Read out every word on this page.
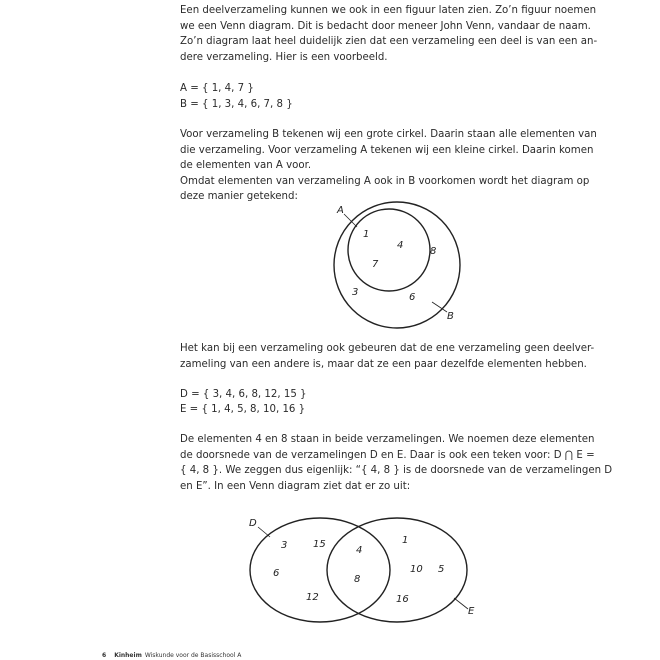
Een deelverzameling kunnen we ook in een figuur laten zien. Zo’n figuur noemen
we een Venn diagram. Dit is bedacht door meneer John Venn, vandaar de naam.
Zo’n diagram laat heel duidelijk zien dat een verzameling een deel is van een an-
dere verzameling. Hier is een voorbeeld.

A = { 1, 4, 7 }
B = { 1, 3, 4, 6, 7, 8 }

Voor verzameling B tekenen wij een grote cirkel. Daarin staan alle elementen van
die verzameling. Voor verzameling A tekenen wij een kleine cirkel. Daarin komen
de elementen van A voor.
Omdat elementen van verzameling A ook in B voorkomen wordt het diagram op
deze manier getekend:

A
B
1
4
7
8
3	6

Het kan bij een verzameling ook gebeuren dat de ene verzameling geen deelver-
zameling van een andere is, maar dat ze een paar dezelfde elementen hebben.

D = { 3, 4, 6, 8, 12, 15 }
E = { 1, 4, 5, 8, 10, 16 }

De elementen 4 en 8 staan in beide verzamelingen. We noemen deze elementen
de doorsnede van de verzamelingen D en E. Daar is ook een teken voor: D ⋂ E =
{ 4, 8 }. We zeggen dus eigenlijk: “{ 4, 8 } is de doorsnede van de verzamelingen D
en E”. In een Venn diagram ziet dat er zo uit:

D
E
3	15
6
12
4
8
1
10 5
16
6 Kinheim Wiskunde voor de Basisschool A
